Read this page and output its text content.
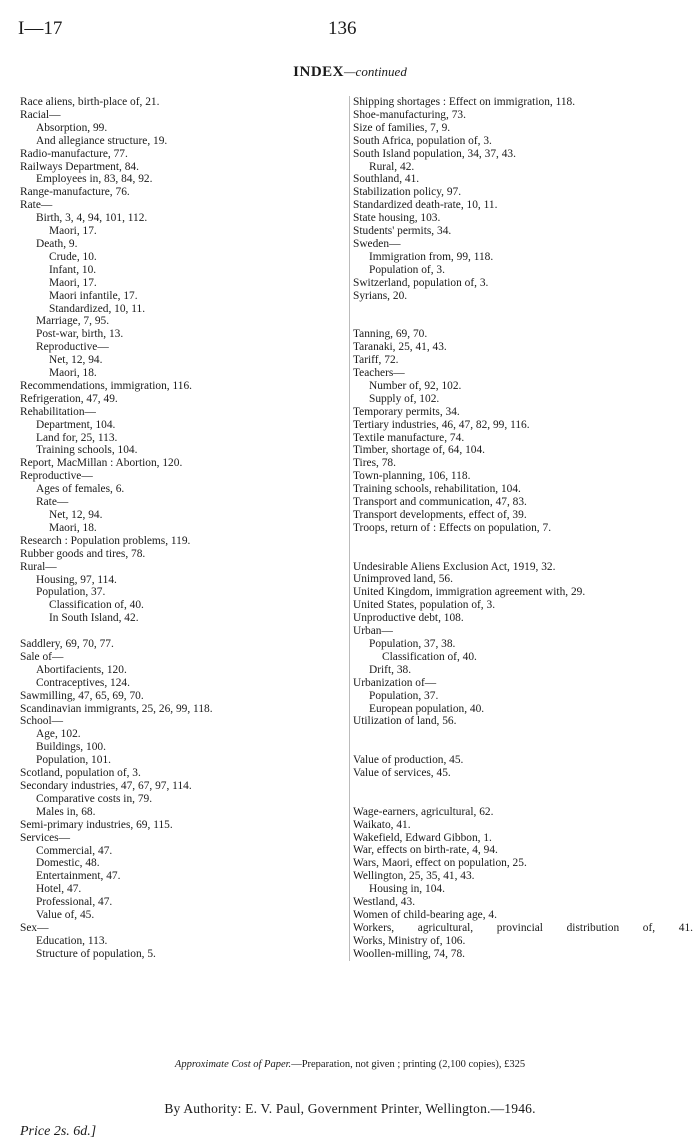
I—17	136
INDEX—continued
Race aliens, birth-place of, 21.
Racial—
Absorption, 99.
And allegiance structure, 19.
Radio-manufacture, 77.
Railways Department, 84.
Employees in, 83, 84, 92.
Range-manufacture, 76.
Rate—
Birth, 3, 4, 94, 101, 112.
Maori, 17.
Death, 9.
Crude, 10.
Infant, 10.
Maori, 17.
Maori infantile, 17.
Standardized, 10, 11.
Marriage, 7, 95.
Post-war, birth, 13.
Reproductive—
Net, 12, 94.
Maori, 18.
Recommendations, immigration, 116.
Refrigeration, 47, 49.
Rehabilitation—
Department, 104.
Land for, 25, 113.
Training schools, 104.
Report, MacMillan : Abortion, 120.
Reproductive—
Ages of females, 6.
Rate—
Net, 12, 94.
Maori, 18.
Research : Population problems, 119.
Rubber goods and tires, 78.
Rural—
Housing, 97, 114.
Population, 37.
Classification of, 40.
In South Island, 42.
Saddlery, 69, 70, 77.
Sale of—
Abortifacients, 120.
Contraceptives, 124.
Sawmilling, 47, 65, 69, 70.
Scandinavian immigrants, 25, 26, 99, 118.
School—
Age, 102.
Buildings, 100.
Population, 101.
Scotland, population of, 3.
Secondary industries, 47, 67, 97, 114.
Comparative costs in, 79.
Males in, 68.
Semi-primary industries, 69, 115.
Services—
Commercial, 47.
Domestic, 48.
Entertainment, 47.
Hotel, 47.
Professional, 47.
Value of, 45.
Sex—
Education, 113.
Structure of population, 5.
Shipping shortages : Effect on immigration, 118.
Shoe-manufacturing, 73.
Size of families, 7, 9.
South Africa, population of, 3.
South Island population, 34, 37, 43.
Rural, 42.
Southland, 41.
Stabilization policy, 97.
Standardized death-rate, 10, 11.
State housing, 103.
Students' permits, 34.
Sweden—
Immigration from, 99, 118.
Population of, 3.
Switzerland, population of, 3.
Syrians, 20.
Tanning, 69, 70.
Taranaki, 25, 41, 43.
Tariff, 72.
Teachers—
Number of, 92, 102.
Supply of, 102.
Temporary permits, 34.
Tertiary industries, 46, 47, 82, 99, 116.
Textile manufacture, 74.
Timber, shortage of, 64, 104.
Tires, 78.
Town-planning, 106, 118.
Training schools, rehabilitation, 104.
Transport and communication, 47, 83.
Transport developments, effect of, 39.
Troops, return of : Effects on population, 7.
Undesirable Aliens Exclusion Act, 1919, 32.
Unimproved land, 56.
United Kingdom, immigration agreement with, 29.
United States, population of, 3.
Unproductive debt, 108.
Urban—
Population, 37, 38.
Classification of, 40.
Drift, 38.
Urbanization of—
Population, 37.
European population, 40.
Utilization of land, 56.
Value of production, 45.
Value of services, 45.
Wage-earners, agricultural, 62.
Waikato, 41.
Wakefield, Edward Gibbon, 1.
War, effects on birth-rate, 4, 94.
Wars, Maori, effect on population, 25.
Wellington, 25, 35, 41, 43.
Housing in, 104.
Westland, 43.
Women of child-bearing age, 4.
Workers, agricultural, provincial distribution of, 41.
Works, Ministry of, 106.
Woollen-milling, 74, 78.
Approximate Cost of Paper.—Preparation, not given ; printing (2,100 copies), £325
By Authority: E. V. Paul, Government Printer, Wellington.—1946.
Price 2s. 6d.]
